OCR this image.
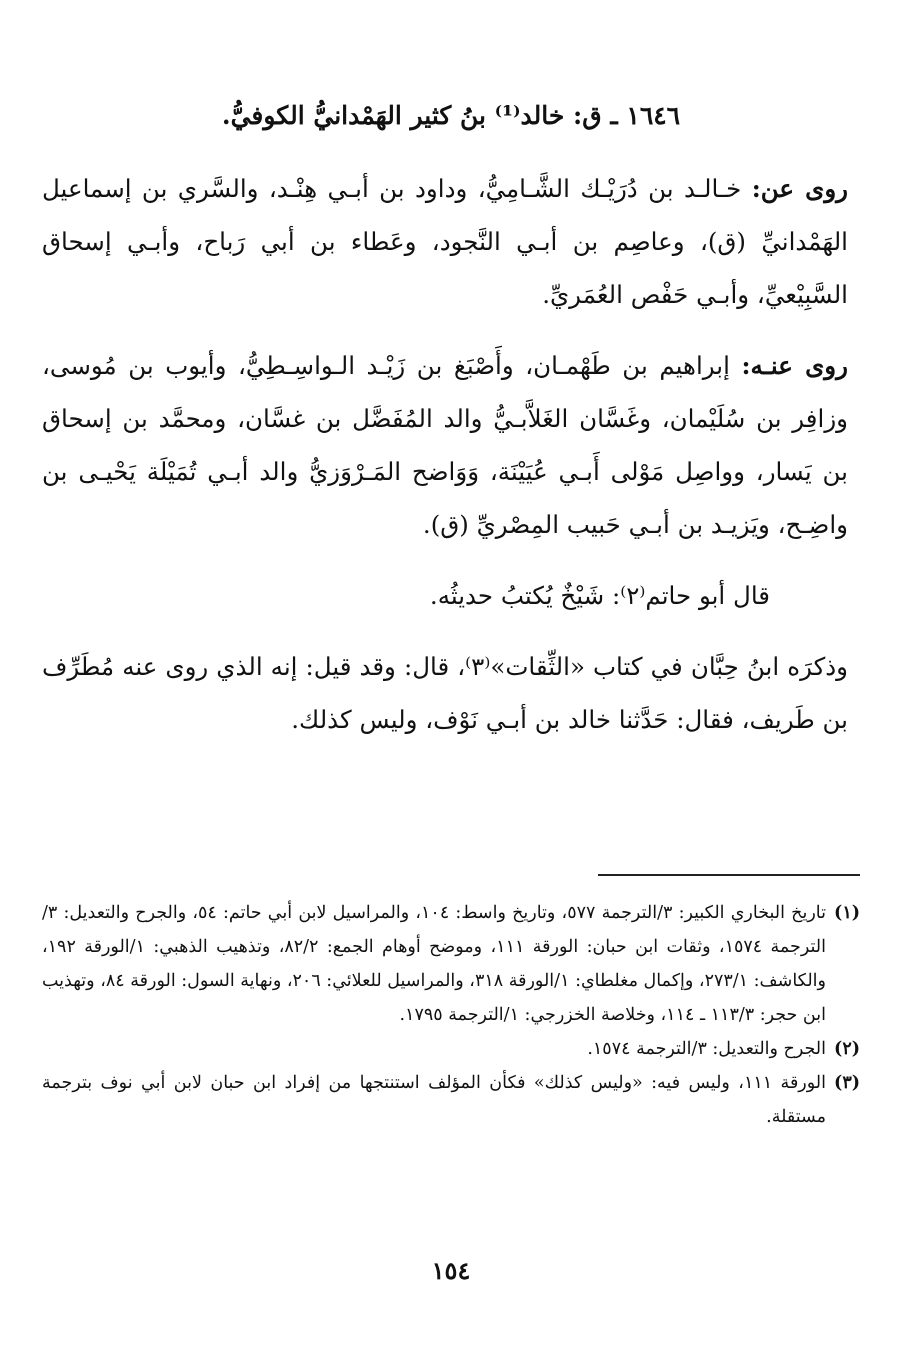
١٦٤٦ ـ ق: خالد⁽¹⁾ بنُ كثير الهَمْدانيُّ الكوفيُّ.

روى عن: خـالـد بن دُرَيْـك الشَّـامِيُّ، وداود بن أبـي هِنْـد، والسَّري بن إسماعيل الهَمْدانيِّ (ق)، وعاصِم بن أبـي النَّجود، وعَطاء بن أبي رَباح، وأبـي إسحاق السَّبِيْعيِّ، وأبـي حَفْص العُمَريِّ.

روى عنـه: إبراهيم بن طَهْمـان، وأَصْبَغ بن زَيْـد الـواسِـطِيُّ، وأيوب بن مُوسى، وزافِر بن سُلَيْمان، وغَسَّان الغَلاَّبـيُّ والد المُفَضَّل بن غسَّان، ومحمَّد بن إسحاق بن يَسار، وواصِل مَوْلى أَبـي عُيَيْنَة، وَوَاضح المَـرْوَزيُّ والد أبـي تُمَيْلَة يَحْيـى بن واضِـح، ويَزيـد بن أبـي حَبيب المِصْريِّ (ق).

قال أبو حاتم⁽٢⁾: شَيْخٌ يُكتبُ حديثُه.

وذكرَه ابنُ حِبَّان في كتاب «الثِّقات»⁽٣⁾، قال: وقد قيل: إنه الذي روى عنه مُطَرِّف بن طَريف، فقال: حَدَّثنا خالد بن أبـي نَوْف، وليس كذلك.

(١)
تاريخ البخاري الكبير: ٣/الترجمة ٥٧٧، وتاريخ واسط: ١٠٤، والمراسيل لابن أبي حاتم: ٥٤، والجرح والتعديل: ٣/الترجمة ١٥٧٤، وثقات ابن حبان: الورقة ١١١، وموضح أوهام الجمع: ٨٢/٢، وتذهيب الذهبي: ١/الورقة ١٩٢، والكاشف: ٢٧٣/١، وإكمال مغلطاي: ١/الورقة ٣١٨، والمراسيل للعلائي: ٢٠٦، ونهاية السول: الورقة ٨٤، وتهذيب ابن حجر: ١١٣/٣ ـ ١١٤، وخلاصة الخزرجي: ١/الترجمة ١٧٩٥.
(٢)
الجرح والتعديل: ٣/الترجمة ١٥٧٤.
(٣)
الورقة ١١١، وليس فيه: «وليس كذلك» فكأن المؤلف استنتجها من إفراد ابن حبان لابن أبي نوف بترجمة مستقلة.
١٥٤
